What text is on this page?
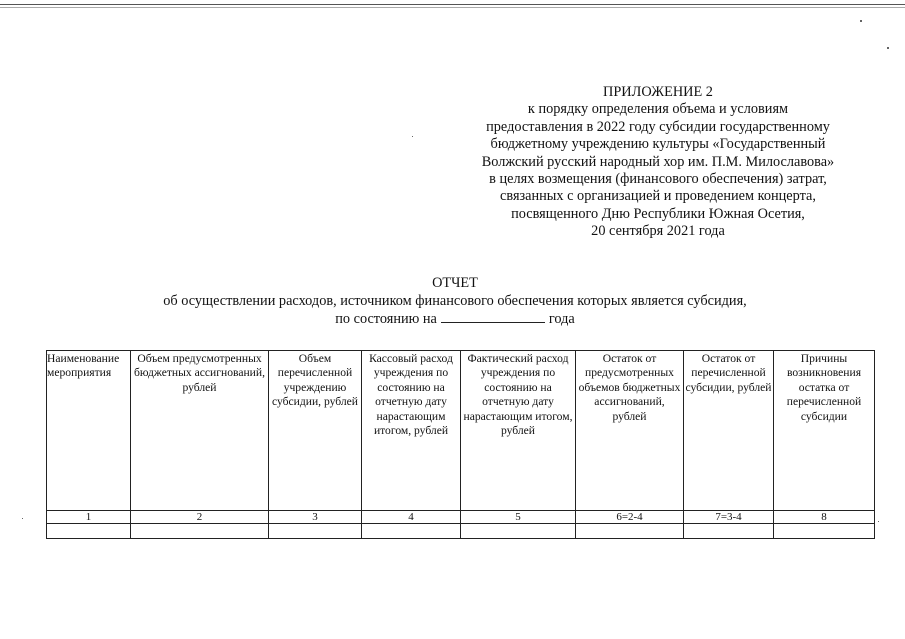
ПРИЛОЖЕНИЕ 2
к порядку определения объема и условиям
предоставления в 2022 году субсидии государственному
бюджетному учреждению культуры «Государственный
Волжский русский народный хор им. П.М. Милославова»
в целях возмещения (финансового обеспечения) затрат,
связанных с организацией и проведением концерта,
посвященного Дню Республики Южная Осетия,
20 сентября 2021 года
ОТЧЕТ
об осуществлении расходов, источником финансового обеспечения которых является субсидия,
по состоянию на	года
Наименование мероприятия	Объем предусмотренных бюджетных ассигнований, рублей	Объем перечисленной учреждению субсидии, рублей	Кассовый расход учреждения по состоянию на отчетную дату нарастающим итогом, рублей	Фактический расход учреждения по состоянию на отчетную дату нарастающим итогом, рублей	Остаток от предусмотренных объемов бюджетных ассигнований, рублей	Остаток от перечисленной субсидии, рублей	Причины возникновения остатка от перечисленной субсидии
1	2	3	4	5	6=2-4	7=3-4	8
